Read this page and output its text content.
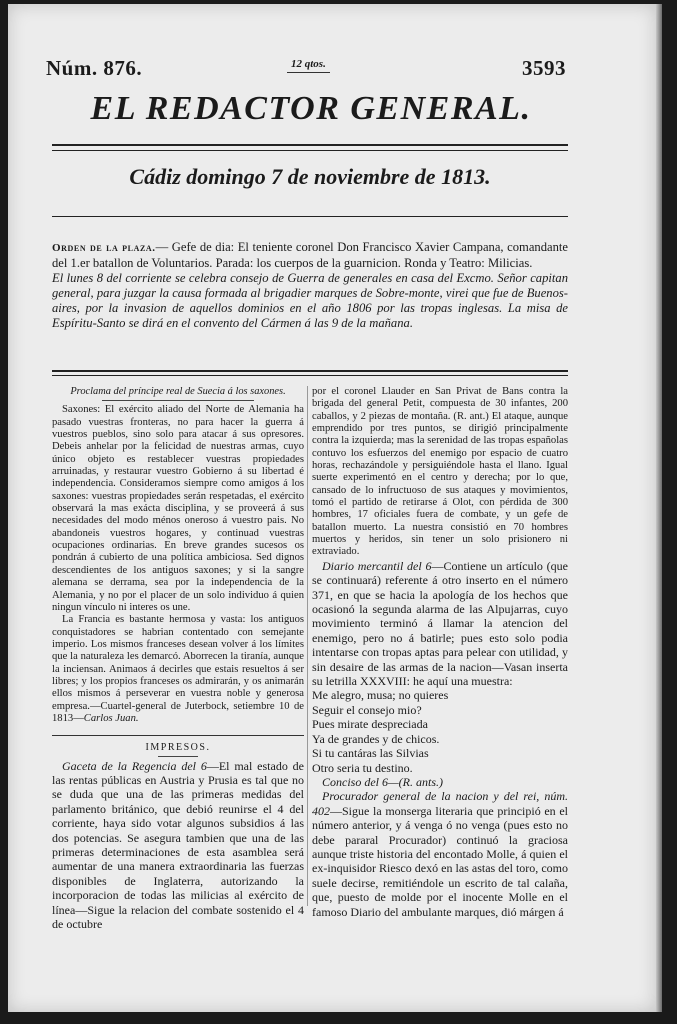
Núm. 876.	12 qtos.	3593
EL REDACTOR GENERAL.
Cádiz domingo 7 de noviembre de 1813.
Orden de la plaza.— Gefe de dia: El teniente coronel Don Francisco Xavier Campana, comandante del 1.er batallon de Voluntarios. Parada: los cuerpos de la guarnicion. Ronda y Teatro: Milicias.
El lunes 8 del corriente se celebra consejo de Guerra de generales en casa del Excmo. Señor capitan general, para juzgar la causa formada al brigadier marques de Sobre-monte, virei que fue de Buenos-aires, por la invasion de aquellos dominios en el año 1806 por las tropas inglesas. La misa de Espíritu-Santo se dirá en el convento del Cármen á las 9 de la mañana.

Proclama del príncipe real de Suecia á los saxones.

Saxones: El exército aliado del Norte de Alemania ha pasado vuestras fronteras, no para hacer la guerra á vuestros pueblos, sino solo para atacar á sus opresores. Debeis anhelar por la felicidad de nuestras armas, cuyo único objeto es restablecer vuestras propiedades arruinadas, y restaurar vuestro Gobierno á su libertad é independencia. Consideramos siempre como amigos á los saxones: vuestras propiedades serán respetadas, el exército observará la mas exácta disciplina, y se proveerá á sus necesidades del modo ménos oneroso á vuestro pais. No abandoneis vuestros hogares, y continuad vuestras ocupaciones ordinarias. En breve grandes sucesos os pondrán á cubierto de una política ambiciosa. Sed dignos descendientes de los antiguos saxones; y si la sangre alemana se derrama, sea por la independencia de la Alemania, y no por el placer de un solo individuo á quien ningun vínculo ni interes os une.

La Francia es bastante hermosa y vasta: los antiguos conquistadores se habrian contentado con semejante imperio. Los mismos franceses desean volver á los límites que la naturaleza les demarcó. Aborrecen la tiranía, aunque la inciensan. Animaos á decirles que estais resueltos á ser libres; y los propios franceses os admirarán, y os animarán ellos mismos á perseverar en vuestra noble y generosa empresa.—Cuartel-general de Juterbock, setiembre 10 de 1813—Carlos Juan.

IMPRESOS.

Gaceta de la Regencia del 6—El mal estado de las rentas públicas en Austria y Prusia es tal que no se duda que una de las primeras medidas del parlamento británico, que debió reunirse el 4 del corriente, haya sido votar algunos subsidios á las dos potencias. Se asegura tambien que una de las primeras determinaciones de esta asamblea será aumentar de una manera extraordinaria las fuerzas disponibles de Inglaterra, autorizando la incorporacion de todas las milicias al exército de línea—Sigue la relacion del combate sostenido el 4 de octubre

por el coronel Llauder en San Privat de Bans contra la brigada del general Petit, compuesta de 30 infantes, 200 caballos, y 2 piezas de montaña. (R. ant.) El ataque, aunque emprendido por tres puntos, se dirigió principalmente contra la izquierda; mas la serenidad de las tropas españolas contuvo los esfuerzos del enemigo por espacio de cuatro horas, rechazándole y persiguiéndole hasta el llano. Igual suerte experimentó en el centro y derecha; por lo que, cansado de lo infructuoso de sus ataques y movimientos, tomó el partido de retirarse á Olot, con pérdida de 300 hombres, 17 oficiales fuera de combate, y un gefe de batallon muerto. La nuestra consistió en 70 hombres muertos y heridos, sin tener un solo prisionero ni extraviado.

Diario mercantil del 6—Contiene un artículo (que se continuará) referente á otro inserto en el número 371, en que se hacia la apología de los hechos que ocasionó la segunda alarma de las Alpujarras, cuyo movimiento terminó á llamar la atencion del enemigo, pero no á batirle; pues esto solo podia intentarse con tropas aptas para pelear con utilidad, y sin desaire de las armas de la nacion—Vasan inserta su letrilla XXXVIII: he aquí una muestra:

Me alegro, musa; no quieres
Seguir el consejo mio?
Pues mirate despreciada
Ya de grandes y de chicos.
Si tu cantáras las Silvias
Otro seria tu destino.

Conciso del 6—(R. ants.)

Procurador general de la nacion y del rei, núm. 402—Sigue la monserga literaria que principió en el número anterior, y á venga ó no venga (pues esto no debe pararal Procurador) continuó la graciosa aunque triste historia del encontado Molle, á quien el ex-inquisidor Riesco dexó en las astas del toro, como suele decirse, remitiéndole un escrito de tal calaña, que, puesto de molde por el inocente Molle en el famoso Diario del ambulante marques, dió márgen á
